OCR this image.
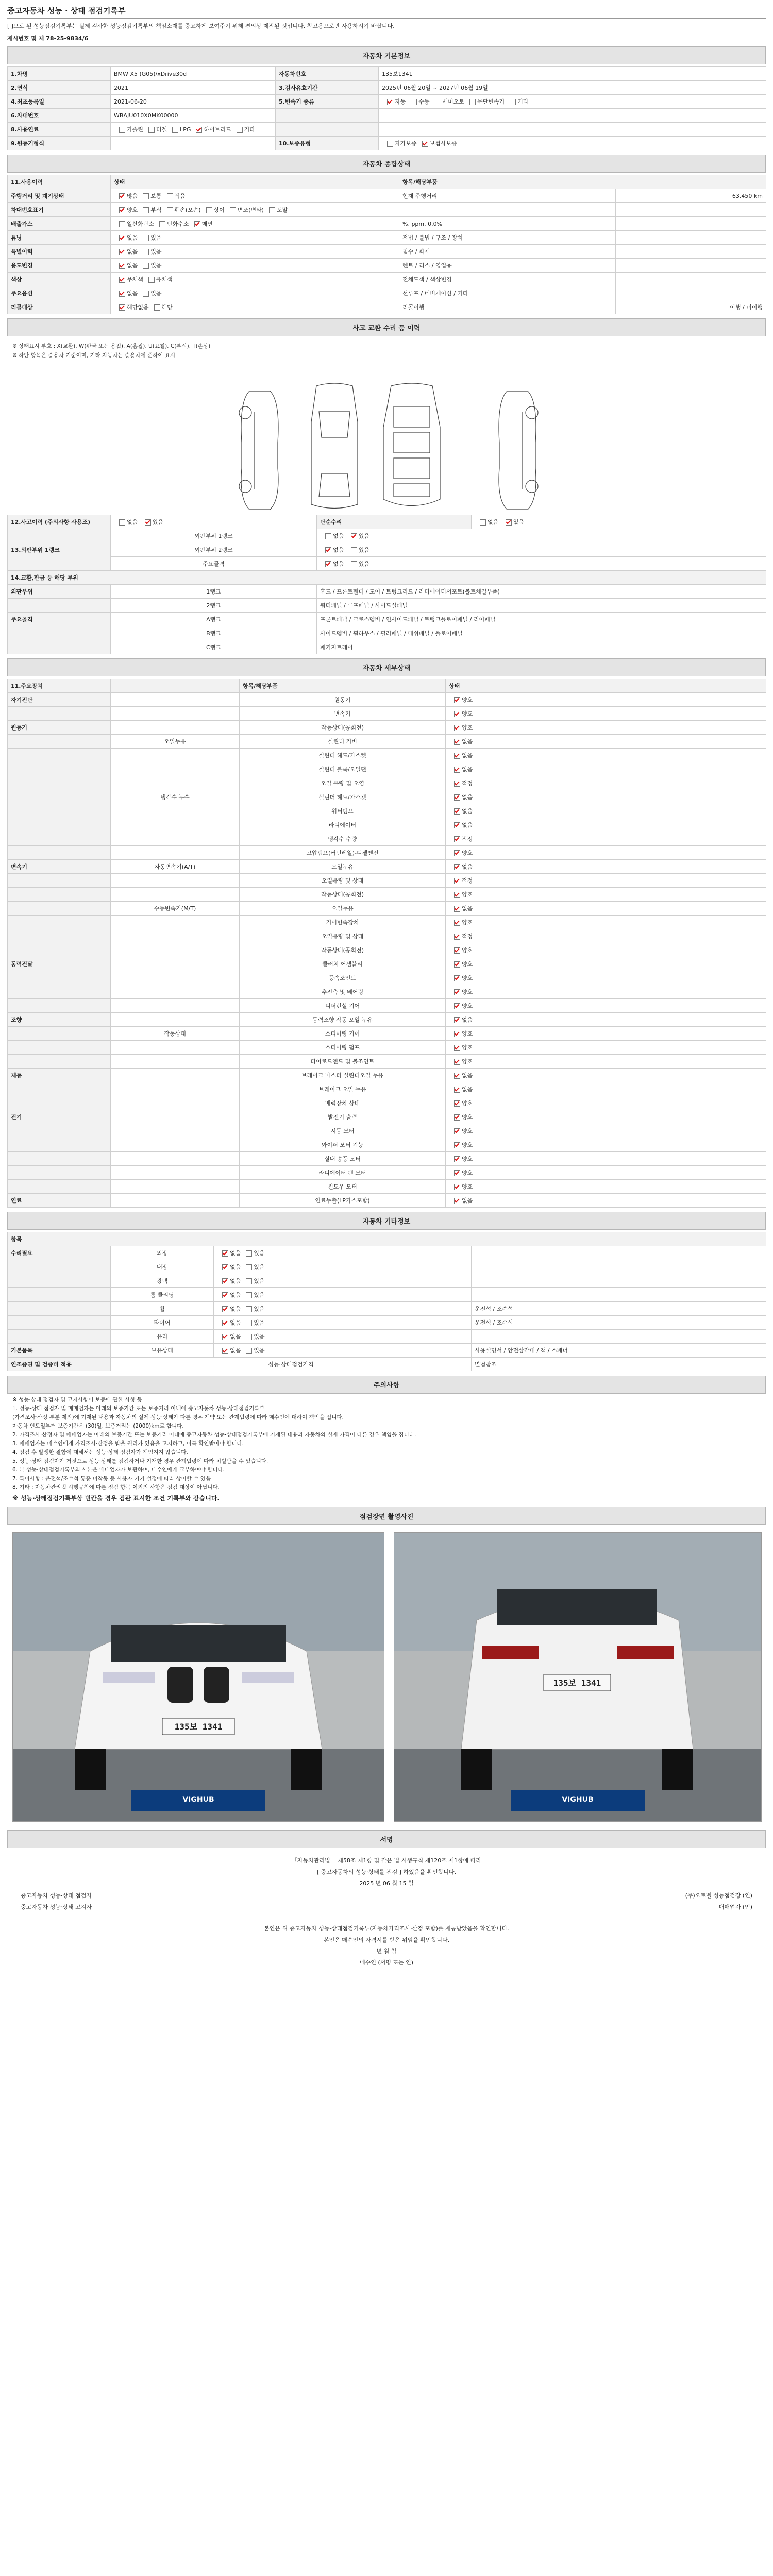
중고자동차 성능 · 상태 점검기록부
[ ]으로 된 성능점검기록부는 실제 검사한 성능점검기록부의 책임소재를 중요하게 보여주기 위해 편의상 제작된 것입니다. 참고용으로만 사용하시기 바랍니다.
제시번호 및 제 78-25-9834/6
자동차 기본정보
1.차명	BMW X5 (G05)/xDrive30d	자동차번호	135보1341
2.연식	2021	3.검사유효기간	2025년 06월 20일 ~ 2027년 06월 19일
4.최초등록일	2021-06-20	5.변속기 종류	자동 수동 세미오토 무단변속기 기타
6.차대번호	WBAJU010X0MK00000		
8.사용연료	가솔린 디젤 LPG 하이브리드 기타		
9.원동기형식		10.보증유형	자가보증 보험사보증
자동차 종합상태
11.사용이력	상태	항목/해당부품	
주행거리 및 계기상태	많음 보통 적음	현재 주행거리	63,450 km
차대번호표기	양호 부식 훼손(오손) 상이 변조(변타) 도말		
배출가스	일산화탄소 탄화수소 매연	%, ppm, 0.0%	
튜닝	없음 있음	적법 / 불법 / 구조 / 장치	
특별이력	없음 있음	침수 / 화재	
용도변경	없음 있음	렌트 / 리스 / 영업용	
색상	무채색 유채색	전체도색 / 색상변경	
주요옵션	없음 있음	선루프 / 네비게이션 / 기타	
리콜대상	해당없음 해당	리콜이행	이행 / 미이행
사고 교환 수리 등 이력
※ 상태표시 부호 : X(교환), W(판금 또는 용접), A(흠집), U(요철), C(부식), T(손상)
※ 하단 항목은 승용차 기준이며, 기타 자동차는 승용차에 준하여 표시
12.사고이력 (주의사항 사용조)	없음 있음	단순수리	없음 있음
13.외판부위 1랭크	외판부위 1랭크	없음 있음	
	외판부위 2랭크	없음 있음	
	주요골격	없음 있음	
14.교환,판금 등 해당 부위			
외판부위	1랭크	후드 / 프론트휀더 / 도어 / 트렁크리드 / 라디에이터서포트(볼트체결부품)	
	2랭크	쿼터패널 / 루프패널 / 사이드실패널	
주요골격	A랭크	프론트패널 / 크로스멤버 / 인사이드패널 / 트렁크플로어패널 / 리어패널	
	B랭크	사이드멤버 / 휠하우스 / 필러패널 / 대쉬패널 / 플로어패널	
	C랭크	패키지트레이	
자동차 세부상태
11.주요장치		항목/해당부품	상태
자기진단		원동기	양호
		변속기	양호
원동기		작동상태(공회전)	양호
	오일누유	실린더 커버	없음
		실린더 헤드/가스켓	없음
		실린더 블록/오일팬	없음
		오일 유량 및 오염	적정
	냉각수 누수	실린더 헤드/가스켓	없음
		워터펌프	없음
		라디에이터	없음
		냉각수 수량	적정
		고압펌프(커먼레일)-디젤엔진	양호
변속기	자동변속기(A/T)	오일누유	없음
		오일유량 및 상태	적정
		작동상태(공회전)	양호
	수동변속기(M/T)	오일누유	없음
		기어변속장치	양호
		오일유량 및 상태	적정
		작동상태(공회전)	양호
동력전달		클러치 어셈블리	양호
		등속조인트	양호
		추진축 및 베어링	양호
		디퍼런셜 기어	양호
조향		동력조향 작동 오일 누유	없음
	작동상태	스티어링 기어	양호
		스티어링 펌프	양호
		타이로드엔드 및 볼조인트	양호
제동		브레이크 마스터 실린더오일 누유	없음
		브레이크 오일 누유	없음
		배력장치 상태	양호
전기		발전기 출력	양호
		시동 모터	양호
		와이퍼 모터 기능	양호
		실내 송풍 모터	양호
		라디에이터 팬 모터	양호
		윈도우 모터	양호
연료		연료누출(LP가스포함)	없음
자동차 기타정보
항목			
수리필요	외장	없음 있음	
	내장	없음 있음	
	광택	없음 있음	
	룸 클리닝	없음 있음	
	휠	없음 있음	운전석 / 조수석
	타이어	없음 있음	운전석 / 조수석
	유리	없음 있음	
기본품목	보유상태	없음 있음	사용설명서 / 안전삼각대 / 잭 / 스패너
인조증권 및 검증비 적용	성능·상태점검가격		별첨참조
주의사항

※ 성능·상태 점검자 및 고지사항이 보증에 관한 사항 등

1. 성능·상태 점검자 및 매매업자는 아래의 보증기간 또는 보증거리 이내에 중고자동차 성능·상태점검기록부

(가격조사·산정 부분 제외)에 기재된 내용과 자동차의 실제 성능·상태가 다른 경우 계약 또는 관계법령에 따라 매수인에 대하여 책임을 집니다.

자동차 인도일부터 보증기간은 (30)일, 보증거리는 (2000)km로 합니다.

2. 가격조사·산정자 및 매매업자는 아래의 보증기간 또는 보증거리 이내에 중고자동차 성능·상태점검기록부에 기재된 내용과 자동차의 실제 가격이 다른 경우 책임을 집니다.

3. 매매업자는 매수인에게 가격조사·산정을 받을 권리가 있음을 고지하고, 이를 확인받아야 합니다.

4. 점검 후 발생한 결함에 대해서는 성능·상태 점검자가 책임지지 않습니다.

5. 성능·상태 점검자가 거짓으로 성능·상태를 점검하거나 기재한 경우 관계법령에 따라 처벌받을 수 있습니다.

6. 본 성능·상태점검기록부의 사본은 매매업자가 보관하며, 매수인에게 교부하여야 합니다.

7. 특이사항 : 운전석/조수석 통풍 미작동 등 사용자 기기 설정에 따라 상이할 수 있음

8. 기타 : 자동차관리법 시행규칙에 따른 점검 항목 이외의 사항은 점검 대상이 아닙니다.

※ 성능·상태점검기록부상 빈칸을 경우 검관 표시한 조건 기록부와 같습니다.
점검장면 촬영사진
135보 1341
VIGHUB
135보 1341
VIGHUB
서명
「자동차관리법」 제58조 제1항 및 같은 법 시행규칙 제120조 제1항에 따라
[ 중고자동차의 성능·상태를 점검 ] 하였음을 확인합니다.
2025 년 06 월 15 일
중고자동차 성능·상태 점검자	(주)오토벨 성능점검장 (인)
중고자동차 성능·상태 고지자	매매업자 (인)
본인은 위 중고자동차 성능·상태점검기록부(자동차가격조사·산정 포함)를 제공받았음을 확인합니다.
본인은 매수인의 자격서를 받은 위임을 확인합니다.
년 월 일
매수인 (서명 또는 인)
